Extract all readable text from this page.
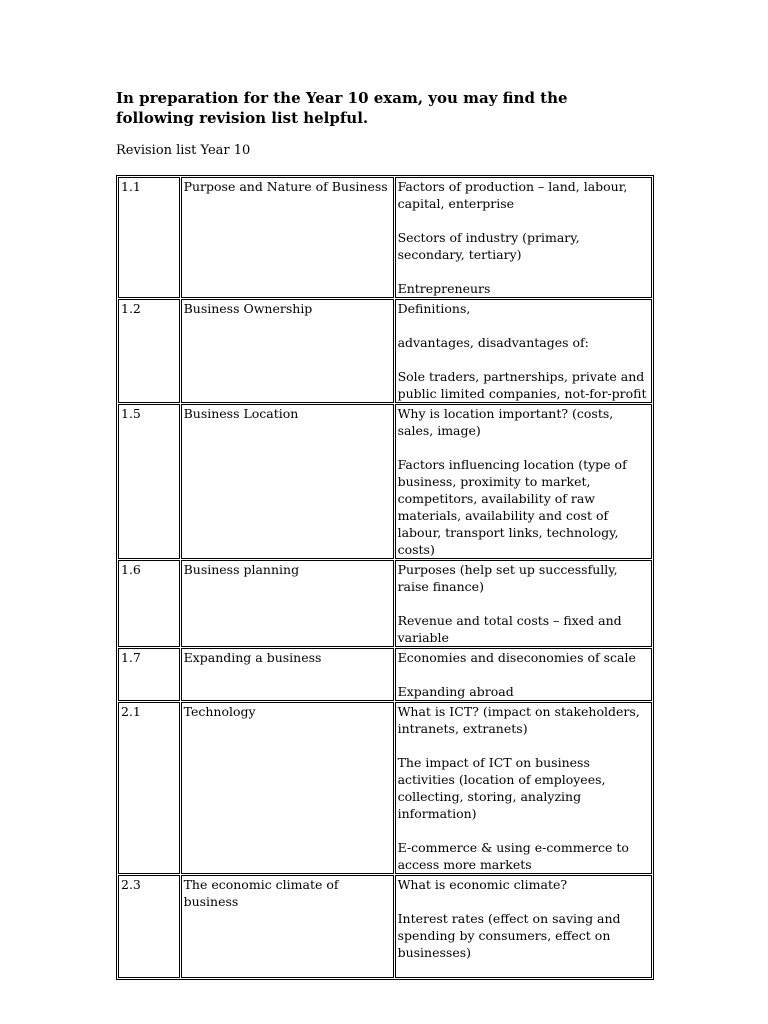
In preparation for the Year 10 exam, you may find the following revision list helpful.

Revision list Year 10

1.1	Purpose and Nature of Business	Factors of production – land, labour, capital, enterprise

Sectors of industry (primary, secondary, tertiary)

Entrepreneurs

1.2	Business Ownership	Definitions,

advantages, disadvantages of:

Sole traders, partnerships, private and public limited companies, not-for-profit

1.5	Business Location	Why is location important? (costs, sales, image)

Factors influencing location (type of business, proximity to market, competitors, availability of raw materials, availability and cost of labour, transport links, technology, costs)

1.6	Business planning	Purposes (help set up successfully, raise finance)

Revenue and total costs – fixed and variable

1.7	Expanding a business	Economies and diseconomies of scale

Expanding abroad

2.1	Technology	What is ICT? (impact on stakeholders, intranets, extranets)

The impact of ICT on business activities (location of employees, collecting, storing, analyzing information)

E-commerce & using e-commerce to access more markets

2.3	The economic climate of business	What is economic climate?

Interest rates (effect on saving and spending by consumers, effect on businesses)
